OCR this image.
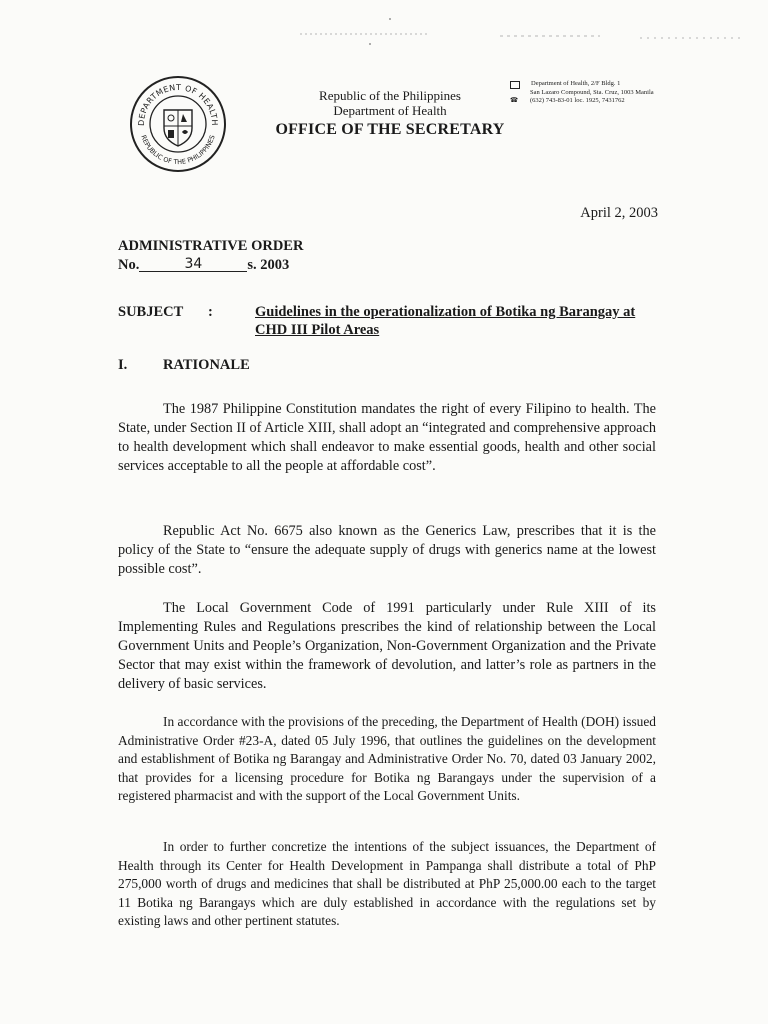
DEPARTMENT OF HEALTH
REPUBLIC OF THE PHILIPPINES
Republic of the Philippines
Department of Health
OFFICE OF THE SECRETARY
Department of Health, 2/F Bldg. 1
San Lazaro Compound, Sta. Cruz, 1003 Manila
☎	(632) 743-83-01 loc. 1925, 7431762
April 2, 2003
ADMINISTRATIVE ORDER
No.	34	s. 2003
SUBJECT :	Guidelines in the operationalization of Botika ng Barangay at CHD III Pilot Areas
I. RATIONALE

The 1987 Philippine Constitution mandates the right of every Filipino to health. The State, under Section II of Article XIII, shall adopt an “integrated and comprehensive approach to health development which shall endeavor to make essential goods, health and other social services acceptable to all the people at affordable cost”.

Republic Act No. 6675 also known as the Generics Law, prescribes that it is the policy of the State to “ensure the adequate supply of drugs with generics name at the lowest possible cost”.

The Local Government Code of 1991 particularly under Rule XIII of its Implementing Rules and Regulations prescribes the kind of relationship between the Local Government Units and People’s Organization, Non-Government Organization and the Private Sector that may exist within the framework of devolution, and latter’s role as partners in the delivery of basic services.

In accordance with the provisions of the preceding, the Department of Health (DOH) issued Administrative Order #23-A, dated 05 July 1996, that outlines the guidelines on the development and establishment of Botika ng Barangay and Administrative Order No. 70, dated 03 January 2002, that provides for a licensing procedure for Botika ng Barangays under the supervision of a registered pharmacist and with the support of the Local Government Units.

In order to further concretize the intentions of the subject issuances, the Department of Health through its Center for Health Development in Pampanga shall distribute a total of PhP 275,000 worth of drugs and medicines that shall be distributed at PhP 25,000.00 each to the target 11 Botika ng Barangays which are duly established in accordance with the regulations set by existing laws and other pertinent statutes.
